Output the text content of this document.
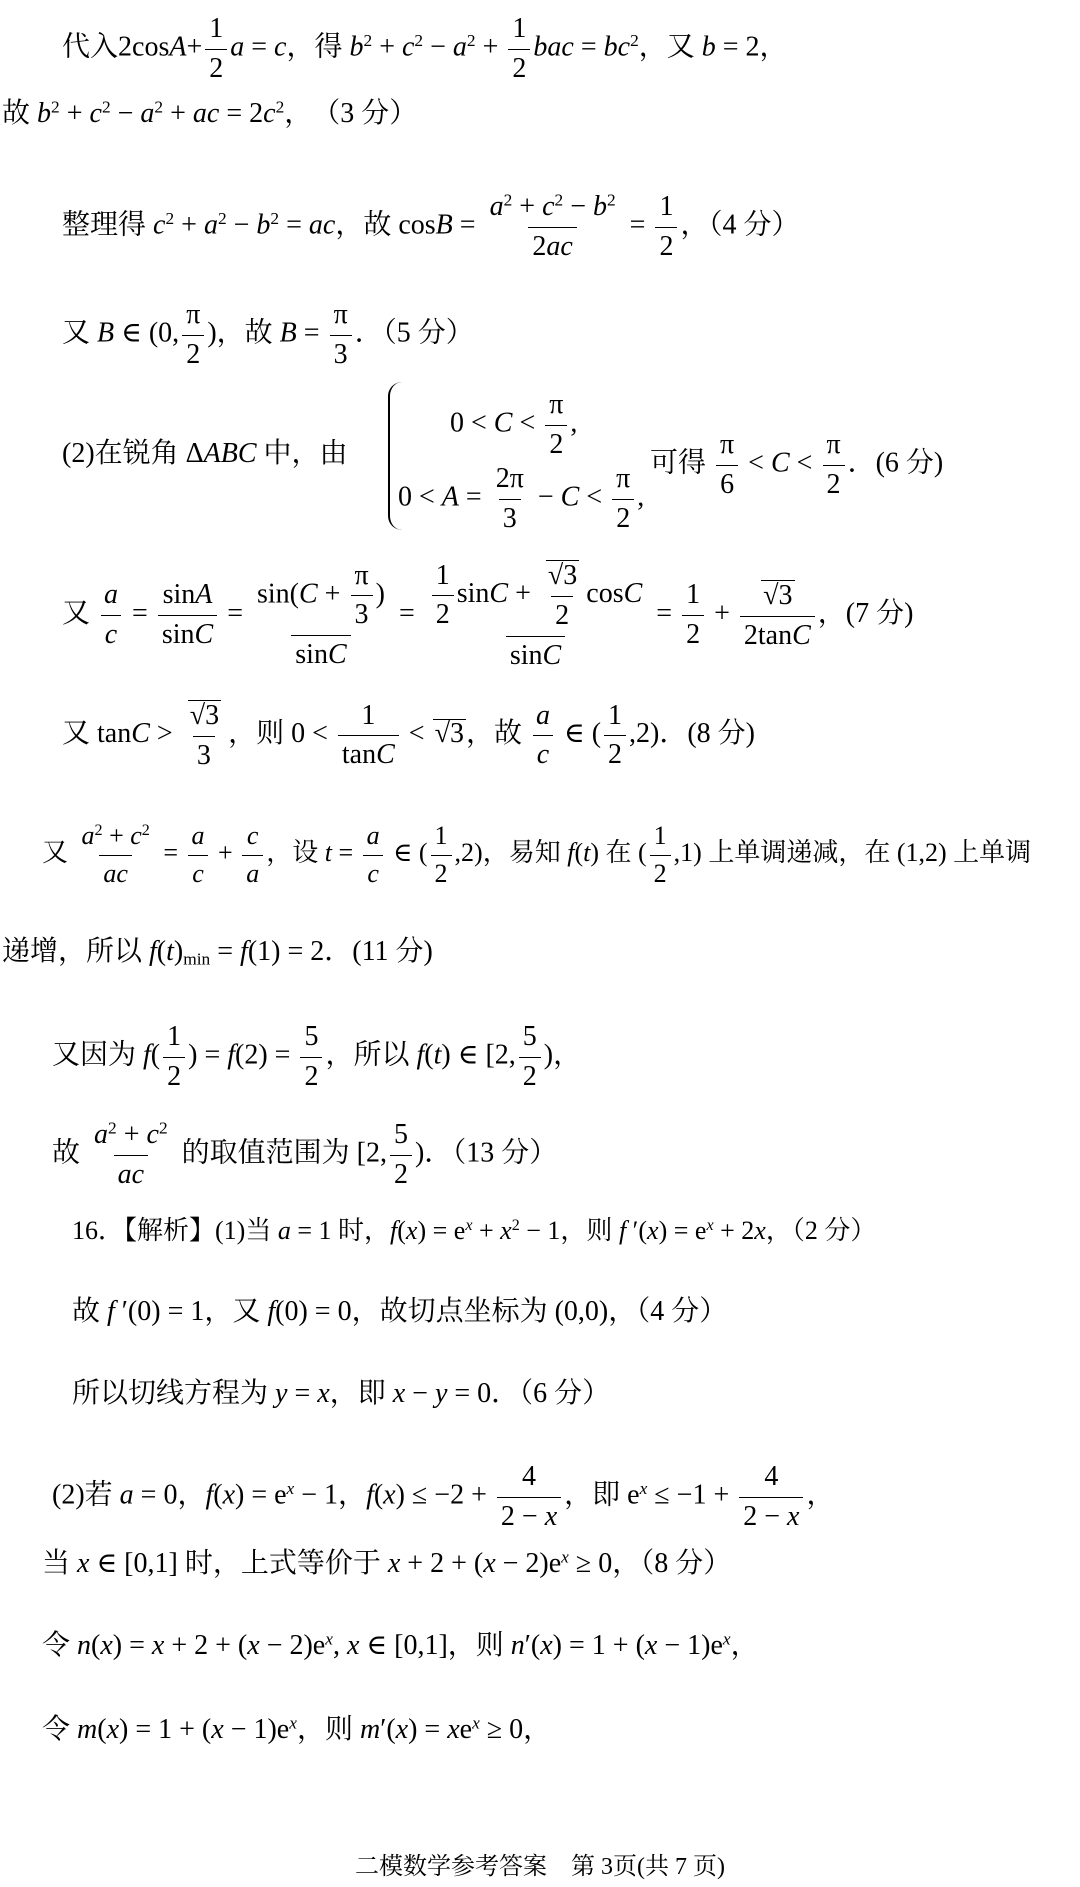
代入$2\cos A+ \frac{1}{2}$ a = c，得 $b^2 + c^2 - a^2 + \frac{1}{2}$ bac = $bc^2$，又 b = 2，
故 $b^2 + c^2 - a^2$ + ac = $2c^2$，　（3 分）
整理得 $c^2 + a^2 - b^2$ = ac，故 $\cos B = \frac{a^2 + c^2 - b^2}{2ac} = \frac{1}{2}$ ，（4 分）
又 B ∈ (0, $\frac{\pi}{2}$ )，故 $B = \frac{\pi}{3}$ ．（5 分）
(2)在锐角 ΔABC 中，由
$0 < C < \frac{\pi}{2}$ ,
$0 < A = \frac{2\pi}{3} - C < \frac{\pi}{2}$ ,
可得 $\frac{\pi}{6} < C < \frac{\pi}{2}$ ．(6 分)
又 $\frac{a}{c} = \frac{\sin A}{\sin C} = \frac{\sin(C + \frac{\pi}{3} )}{\sin C} = \frac{1}{2}$ sinC +
√ $\frac{3}{2}$ cosC
$\sin C = \frac{1}{2}$ +
√ $\frac{3}{2\tan C}$ ，(7 分)
又 tanC >
√ $\frac{3}{3}$ ，则 $0 < \frac{1}{\tan C}$ < √ 3，故 $\frac{a}{c}$ ∈ ( $\frac{1}{2} ,2$)．(8 分)
又 $\frac{a^2 + c^2}{ac} = \frac{a}{c} + \frac{c}{a}$ ，设 $t = \frac{a}{c}$ ∈ ( $\frac{1}{2} ,2$)，易知 f(t) 在 ( $\frac{1}{2} ,1$) 上单调递减，在 (1,2) 上单调
递增，所以 $f(t)_{min} = f(1) = 2$．(11 分)
又因为 $f( \frac{1}{2}$ ) = $f(2) = \frac{5}{2}$ ，所以 f(t) ∈ [2, $\frac{5}{2}$ )，
故 $\frac{a^2 + c^2}{ac}$ 的取值范围为 [2, $\frac{5}{2}$ )．（13 分）
16．【解析】(1)当 a = 1 时，$f(x) = e^x + x^2 - 1$，则 f $'(x) = e^x + 2x$，（2 分）
故 f ′(0) = 1，又 f(0) = 0，故切点坐标为 (0,0)，（4 分）
所以切线方程为 y = x，即 x − y = 0．（6 分）
(2)若 a = 0，$f(x) = e^x - 1$，$f(x) \le -2 + \frac{4}{2 - x}$ ，即 $e^x \le -1 + \frac{4}{2 - x}$ ，
当 x ∈ [0,1] 时，上式等价于 $x + 2 + (x - 2)e^x \ge 0$，（8 分）
令 $n(x) = x + 2 + (x - 2)e^x$, x ∈ [0,1]，则 $n'(x) = 1 + (x - 1)e^x$，
令 $m(x) = 1 + (x - 1)e^x$，则 $m'(x) = xe^x \ge 0$，
二模数学参考答案　第 3页(共 7 页)
